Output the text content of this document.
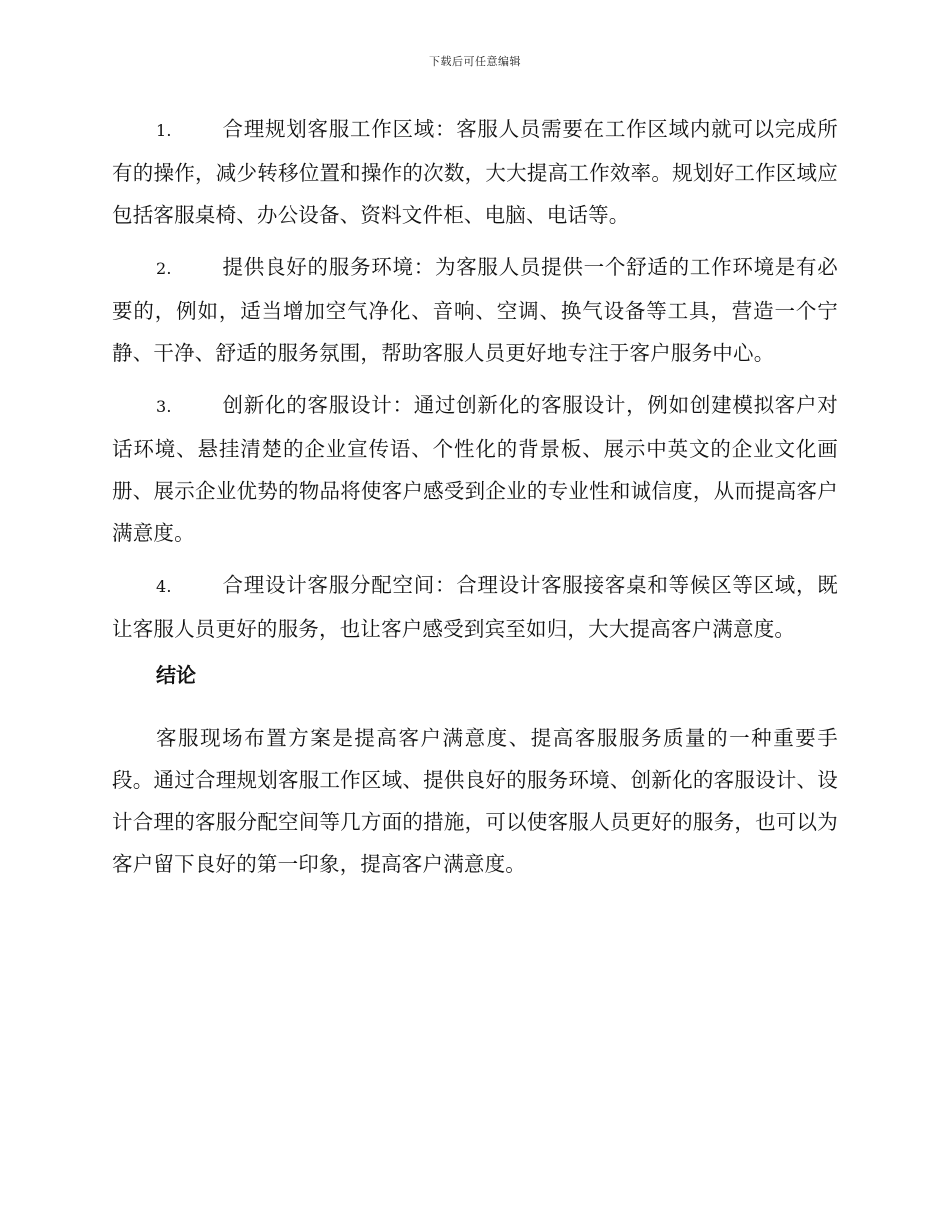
下载后可任意编辑

1. 合理规划客服工作区域：客服人员需要在工作区域内就可以完成所有的操作，减少转移位置和操作的次数，大大提高工作效率。规划好工作区域应包括客服桌椅、办公设备、资料文件柜、电脑、电话等。

2. 提供良好的服务环境：为客服人员提供一个舒适的工作环境是有必要的，例如，适当增加空气净化、音响、空调、换气设备等工具，营造一个宁静、干净、舒适的服务氛围，帮助客服人员更好地专注于客户服务中心。

3. 创新化的客服设计：通过创新化的客服设计，例如创建模拟客户对话环境、悬挂清楚的企业宣传语、个性化的背景板、展示中英文的企业文化画册、展示企业优势的物品将使客户感受到企业的专业性和诚信度，从而提高客户满意度。

4. 合理设计客服分配空间：合理设计客服接客桌和等候区等区域，既让客服人员更好的服务，也让客户感受到宾至如归，大大提高客户满意度。

结论

客服现场布置方案是提高客户满意度、提高客服服务质量的一种重要手段。通过合理规划客服工作区域、提供良好的服务环境、创新化的客服设计、设计合理的客服分配空间等几方面的措施，可以使客服人员更好的服务，也可以为客户留下良好的第一印象，提高客户满意度。
